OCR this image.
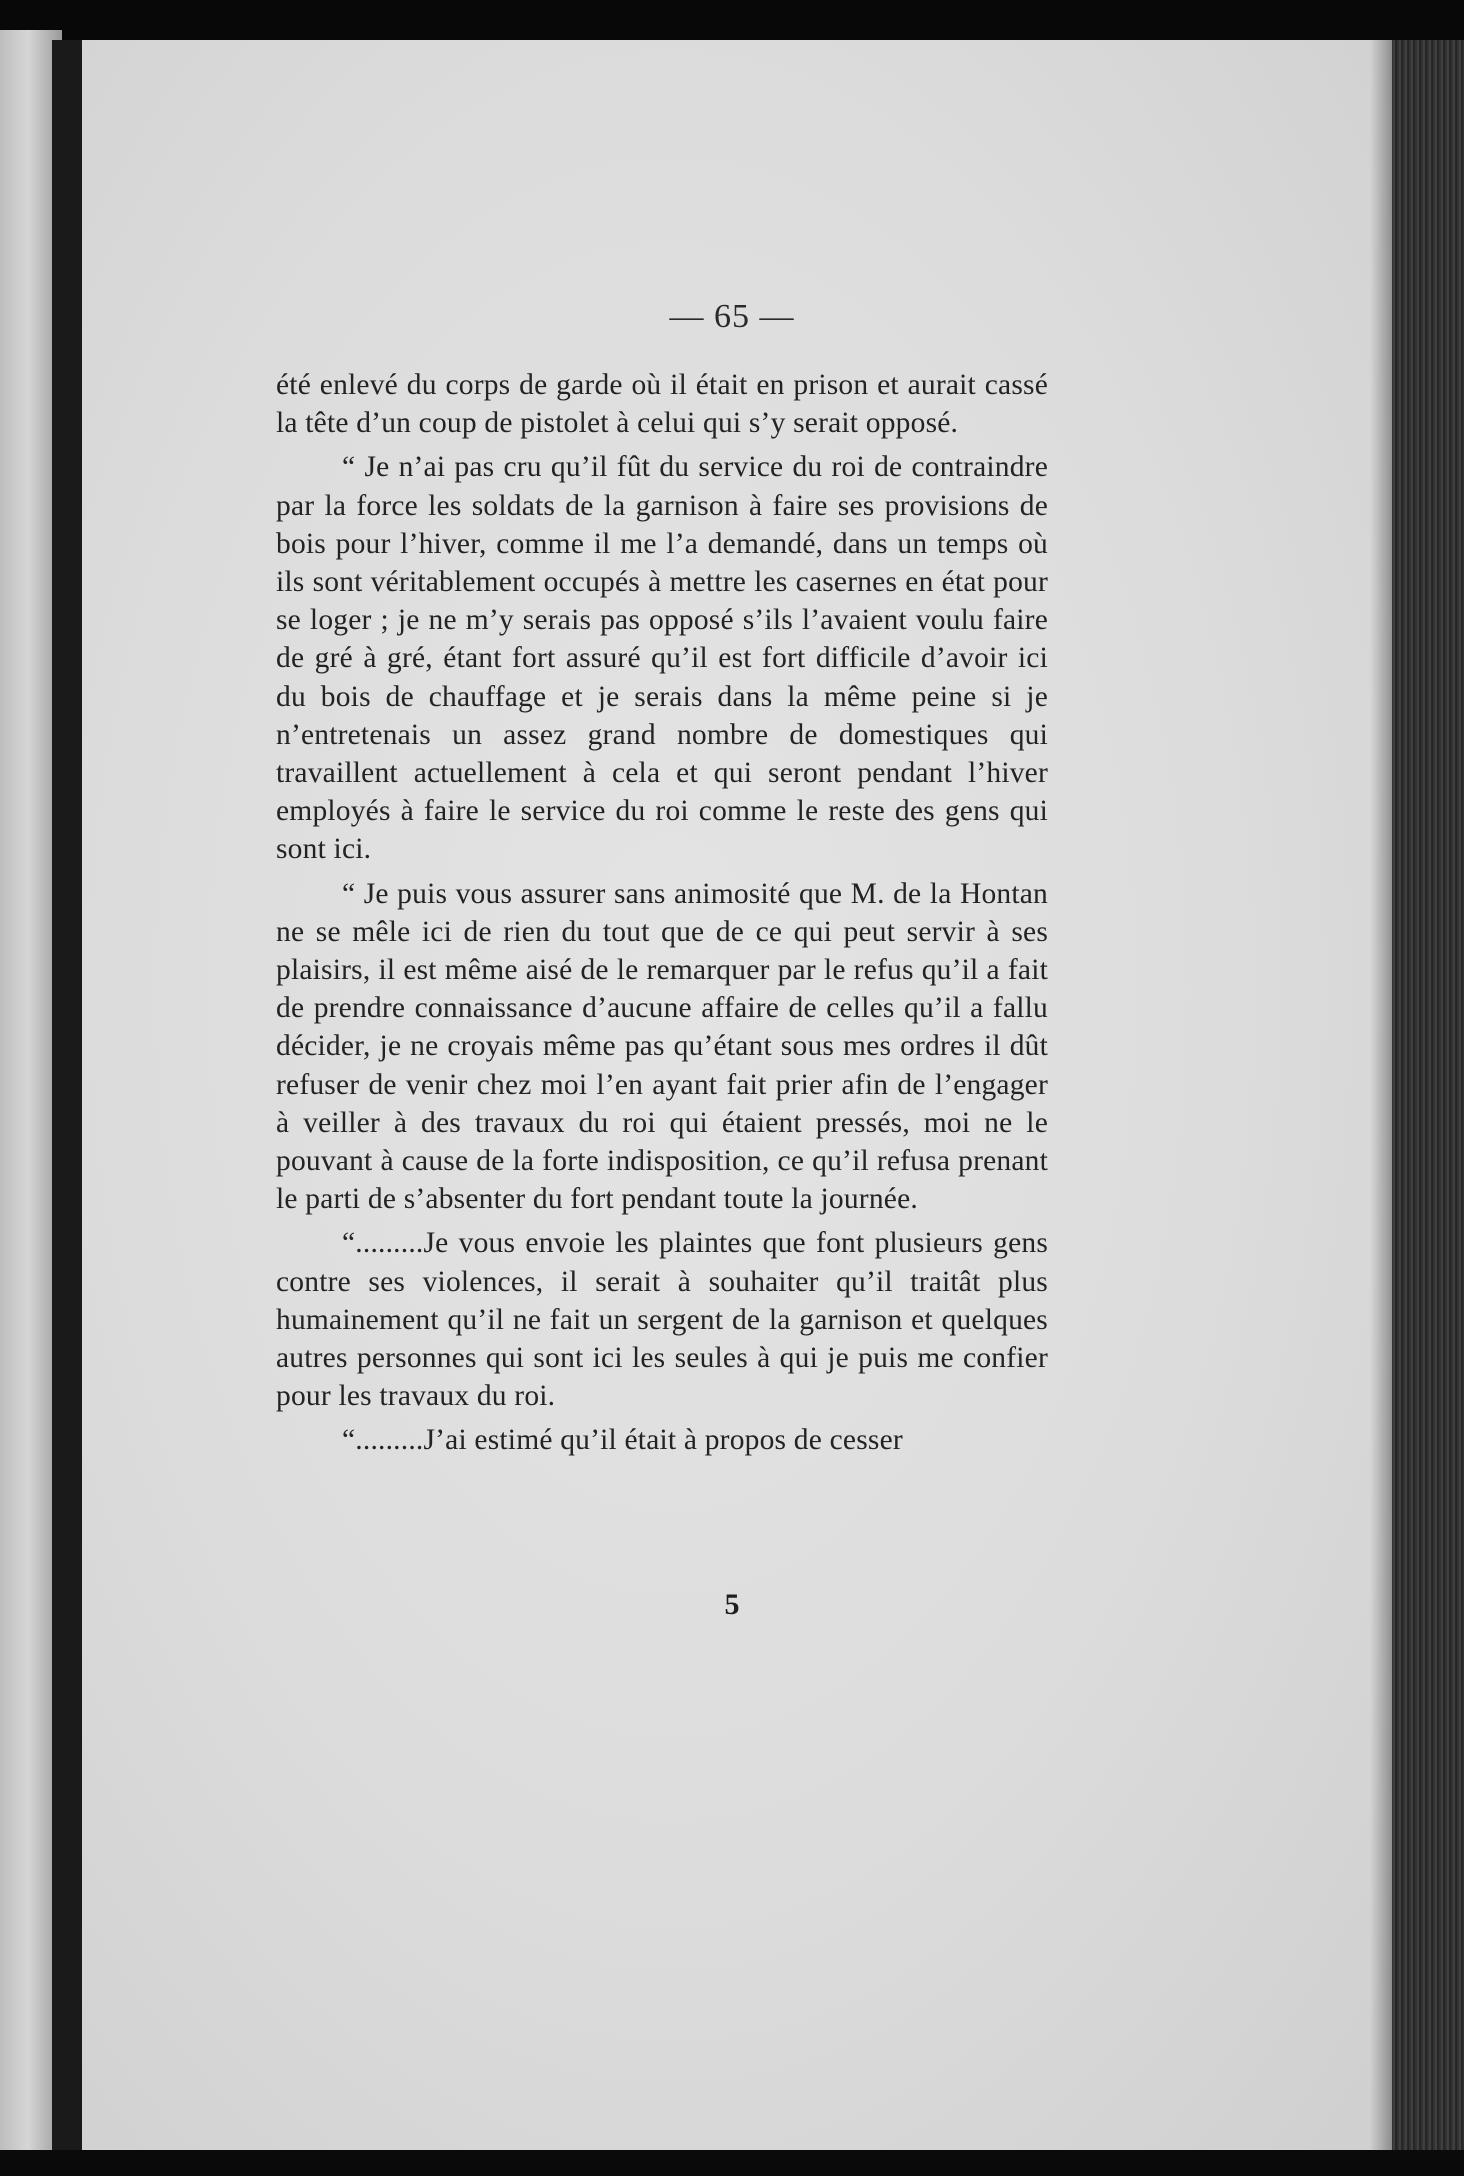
— 65 —

été enlevé du corps de garde où il était en prison et aurait cassé la tête d’un coup de pistolet à celui qui s’y serait opposé.

“ Je n’ai pas cru qu’il fût du service du roi de contraindre par la force les soldats de la garnison à faire ses provisions de bois pour l’hiver, comme il me l’a demandé, dans un temps où ils sont véritablement occupés à mettre les casernes en état pour se loger ; je ne m’y serais pas opposé s’ils l’avaient voulu faire de gré à gré, étant fort assuré qu’il est fort difficile d’avoir ici du bois de chauffage et je serais dans la même peine si je n’entretenais un assez grand nombre de domestiques qui travaillent actuellement à cela et qui seront pendant l’hiver employés à faire le service du roi comme le reste des gens qui sont ici.

“ Je puis vous assurer sans animosité que M. de la Hontan ne se mêle ici de rien du tout que de ce qui peut servir à ses plaisirs, il est même aisé de le remarquer par le refus qu’il a fait de prendre connaissance d’aucune affaire de celles qu’il a fallu décider, je ne croyais même pas qu’étant sous mes ordres il dût refuser de venir chez moi l’en ayant fait prier afin de l’engager à veiller à des travaux du roi qui étaient pressés, moi ne le pouvant à cause de la forte indisposition, ce qu’il refusa prenant le parti de s’absenter du fort pendant toute la journée.

“.........Je vous envoie les plaintes que font plusieurs gens contre ses violences, il serait à souhaiter qu’il traitât plus humainement qu’il ne fait un sergent de la garnison et quelques autres personnes qui sont ici les seules à qui je puis me confier pour les travaux du roi.

“.........J’ai estimé qu’il était à propos de cesser

5
